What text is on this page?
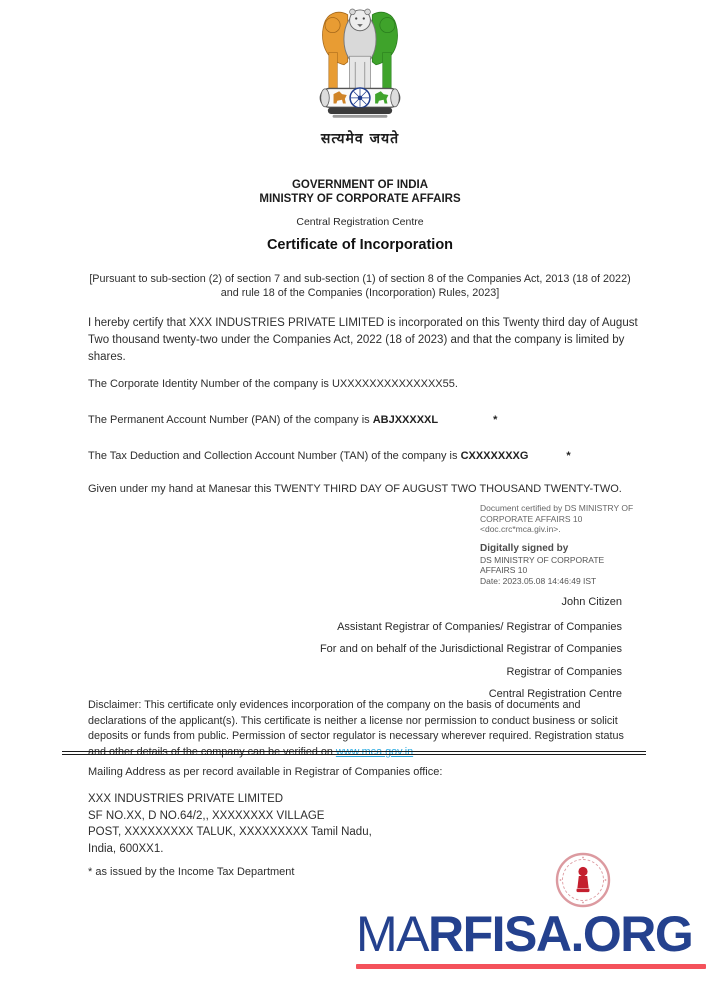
सत्यमेव जयते
GOVERNMENT OF INDIA
MINISTRY OF CORPORATE AFFAIRS
Central Registration Centre
Certificate of Incorporation
[Pursuant to sub-section (2) of section 7 and sub-section (1) of section 8 of the Companies Act, 2013 (18 of 2022) and rule 18 of the Companies (Incorporation) Rules, 2023]
I hereby certify that XXX INDUSTRIES PRIVATE LIMITED is incorporated on this Twenty third day of August Two thousand twenty-two under the Companies Act, 2022 (18 of 2023) and that the company is limited by shares.
The Corporate Identity Number of the company is UXXXXXXXXXXXXXX55.
The Permanent Account Number (PAN) of the company is ABJXXXXXL	*
The Tax Deduction and Collection Account Number (TAN) of the company is CXXXXXXXG	*
Given under my hand at Manesar this TWENTY THIRD DAY OF AUGUST TWO THOUSAND TWENTY-TWO.
Document certified by DS MINISTRY OF
CORPORATE AFFAIRS 10
<doc.crc*mca.giv.in>.
Digitally signed by
DS MINISTRY OF CORPORATE
AFFAIRS 10
Date: 2023.05.08 14:46:49 IST
John Citizen
Assistant Registrar of Companies/ Registrar of Companies
For and on behalf of the Jurisdictional Registrar of Companies
Registrar of Companies
Central Registration Centre
Disclaimer: This certificate only evidences incorporation of the company on the basis of documents and declarations of the applicant(s). This certificate is neither a license nor permission to conduct business or solicit deposits or funds from public. Permission of sector regulator is necessary wherever required. Registration status and other details of the company can be verified on www.mca.gov.in
Mailing Address as per record available in Registrar of Companies office:
XXX INDUSTRIES PRIVATE LIMITED
SF NO.XX, D NO.64/2,, XXXXXXXX VILLAGE
POST, XXXXXXXXX TALUK, XXXXXXXXX Tamil Nadu,
India, 600XX1.
* as issued by the Income Tax Department
MARFISA.ORG
